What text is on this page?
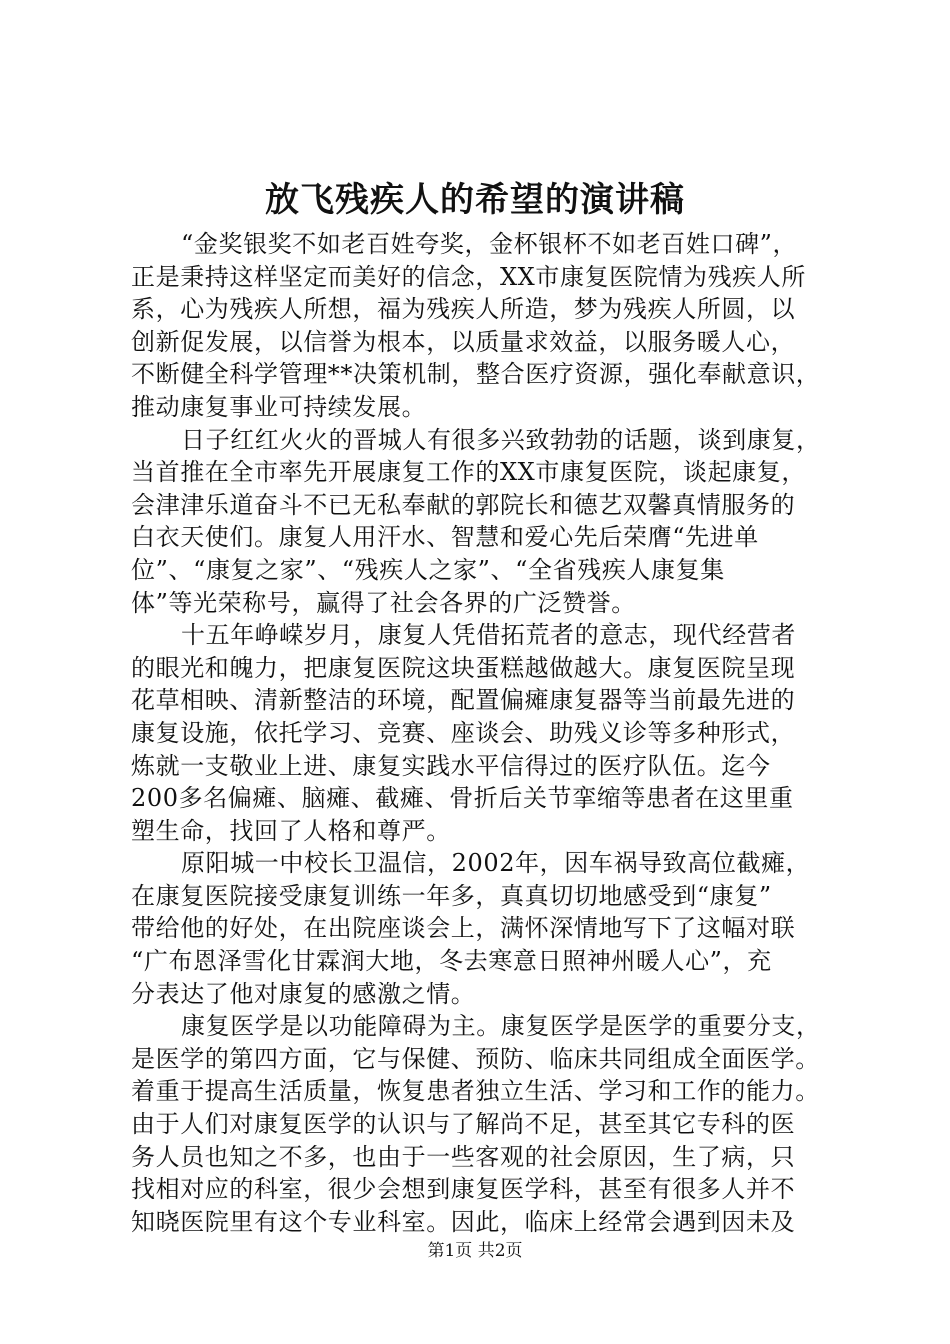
放飞残疾人的希望的演讲稿
“金奖银奖不如老百姓夸奖，金杯银杯不如老百姓口碑”，
正是秉持这样坚定而美好的信念，XX市康复医院情为残疾人所
系，心为残疾人所想，福为残疾人所造，梦为残疾人所圆，以
创新促发展，以信誉为根本，以质量求效益，以服务暖人心，
不断健全科学管理**决策机制，整合医疗资源，强化奉献意识，
推动康复事业可持续发展。
日子红红火火的晋城人有很多兴致勃勃的话题，谈到康复，
当首推在全市率先开展康复工作的XX市康复医院，谈起康复，
会津津乐道奋斗不已无私奉献的郭院长和德艺双馨真情服务的
白衣天使们。康复人用汗水、智慧和爱心先后荣膺“先进单
位”、“康复之家”、“残疾人之家”、“全省残疾人康复集
体”等光荣称号，赢得了社会各界的广泛赞誉。
十五年峥嵘岁月，康复人凭借拓荒者的意志，现代经营者
的眼光和魄力，把康复医院这块蛋糕越做越大。康复医院呈现
花草相映、清新整洁的环境，配置偏瘫康复器等当前最先进的
康复设施，依托学习、竞赛、座谈会、助残义诊等多种形式，
炼就一支敬业上进、康复实践水平信得过的医疗队伍。迄今
200多名偏瘫、脑瘫、截瘫、骨折后关节挛缩等患者在这里重
塑生命，找回了人格和尊严。
原阳城一中校长卫温信，2002年，因车祸导致高位截瘫，
在康复医院接受康复训练一年多，真真切切地感受到“康复”
带给他的好处，在出院座谈会上，满怀深情地写下了这幅对联
“广布恩泽雪化甘霖润大地，冬去寒意日照神州暖人心”，充
分表达了他对康复的感激之情。
康复医学是以功能障碍为主。康复医学是医学的重要分支，
是医学的第四方面，它与保健、预防、临床共同组成全面医学。
着重于提高生活质量，恢复患者独立生活、学习和工作的能力。
由于人们对康复医学的认识与了解尚不足，甚至其它专科的医
务人员也知之不多，也由于一些客观的社会原因，生了病，只
找相对应的科室，很少会想到康复医学科，甚至有很多人并不
知晓医院里有这个专业科室。因此，临床上经常会遇到因未及
第1页 共2页
